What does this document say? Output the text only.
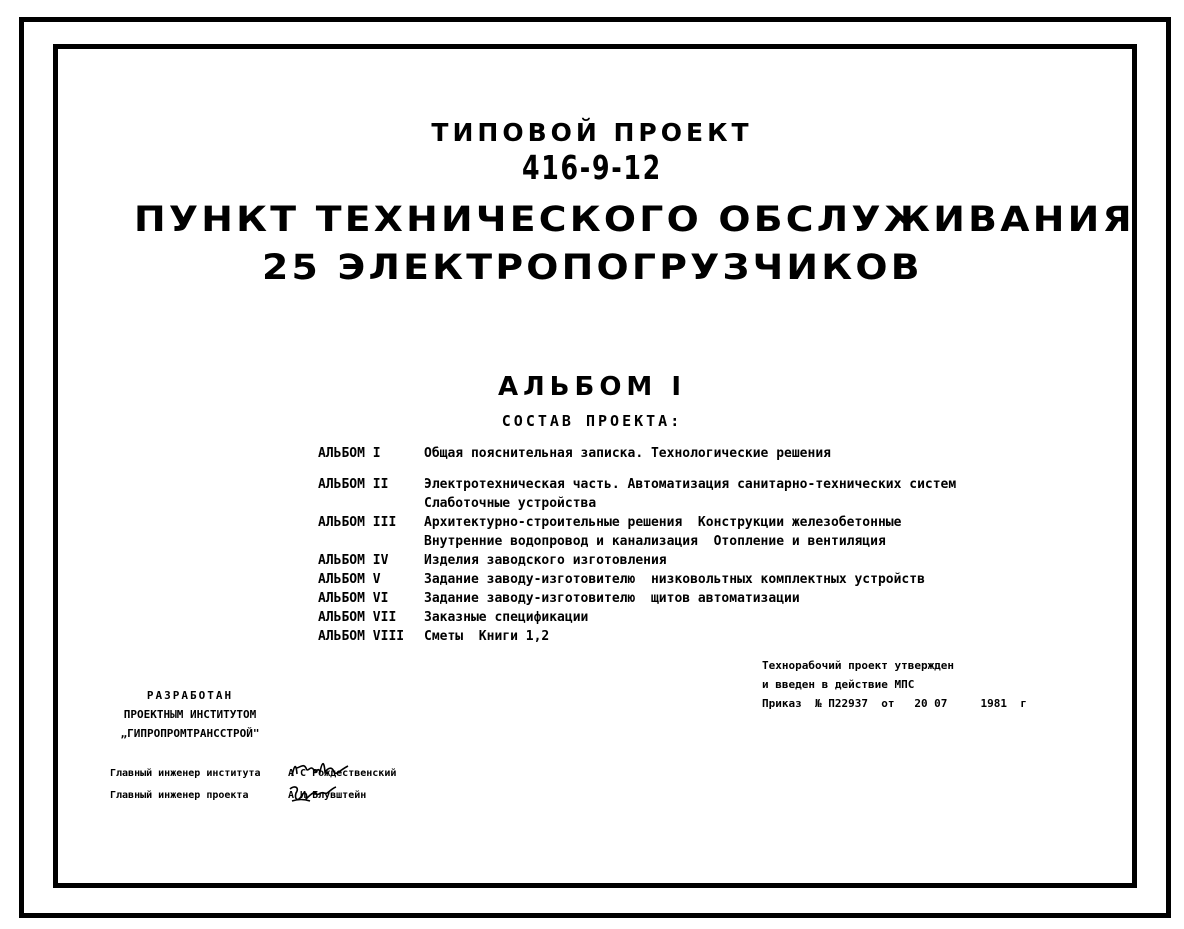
ТИПОВОЙ ПРОЕКТ
416-9-12
ПУНКТ ТЕХНИЧЕСКОГО ОБСЛУЖИВАНИЯ
25 ЭЛЕКТРОПОГРУЗЧИКОВ
АЛЬБОМ I
СОСТАВ ПРОЕКТА:
АЛЬБОМ I	Общая пояснительная записка. Технологические решения
АЛЬБОМ II	Электротехническая часть. Автоматизация санитарно-технических систем
Слаботочные устройства
АЛЬБОМ III	Архитектурно-строительные решения  Конструкции железобетонные
Внутренние водопровод и канализация  Отопление и вентиляция
АЛЬБОМ IV	Изделия заводского изготовления
АЛЬБОМ V	Задание заводу-изготовителю  низковольтных комплектных устройств
АЛЬБОМ VI	Задание заводу-изготовителю  щитов автоматизации
АЛЬБОМ VII	Заказные спецификации
АЛЬБОМ VIII	Сметы  Книги 1,2
Технорабочий проект утвержден
и введен в действие МПС
Приказ  № П22937  от   20 07     1981  г
РАЗРАБОТАН
ПРОЕКТНЫМ ИНСТИТУТОМ
„ГИПРОПРОМТРАНССТРОЙ"
Главный инженер института	А С Рождественский
Главный инженер проекта	А И Блувштейн
